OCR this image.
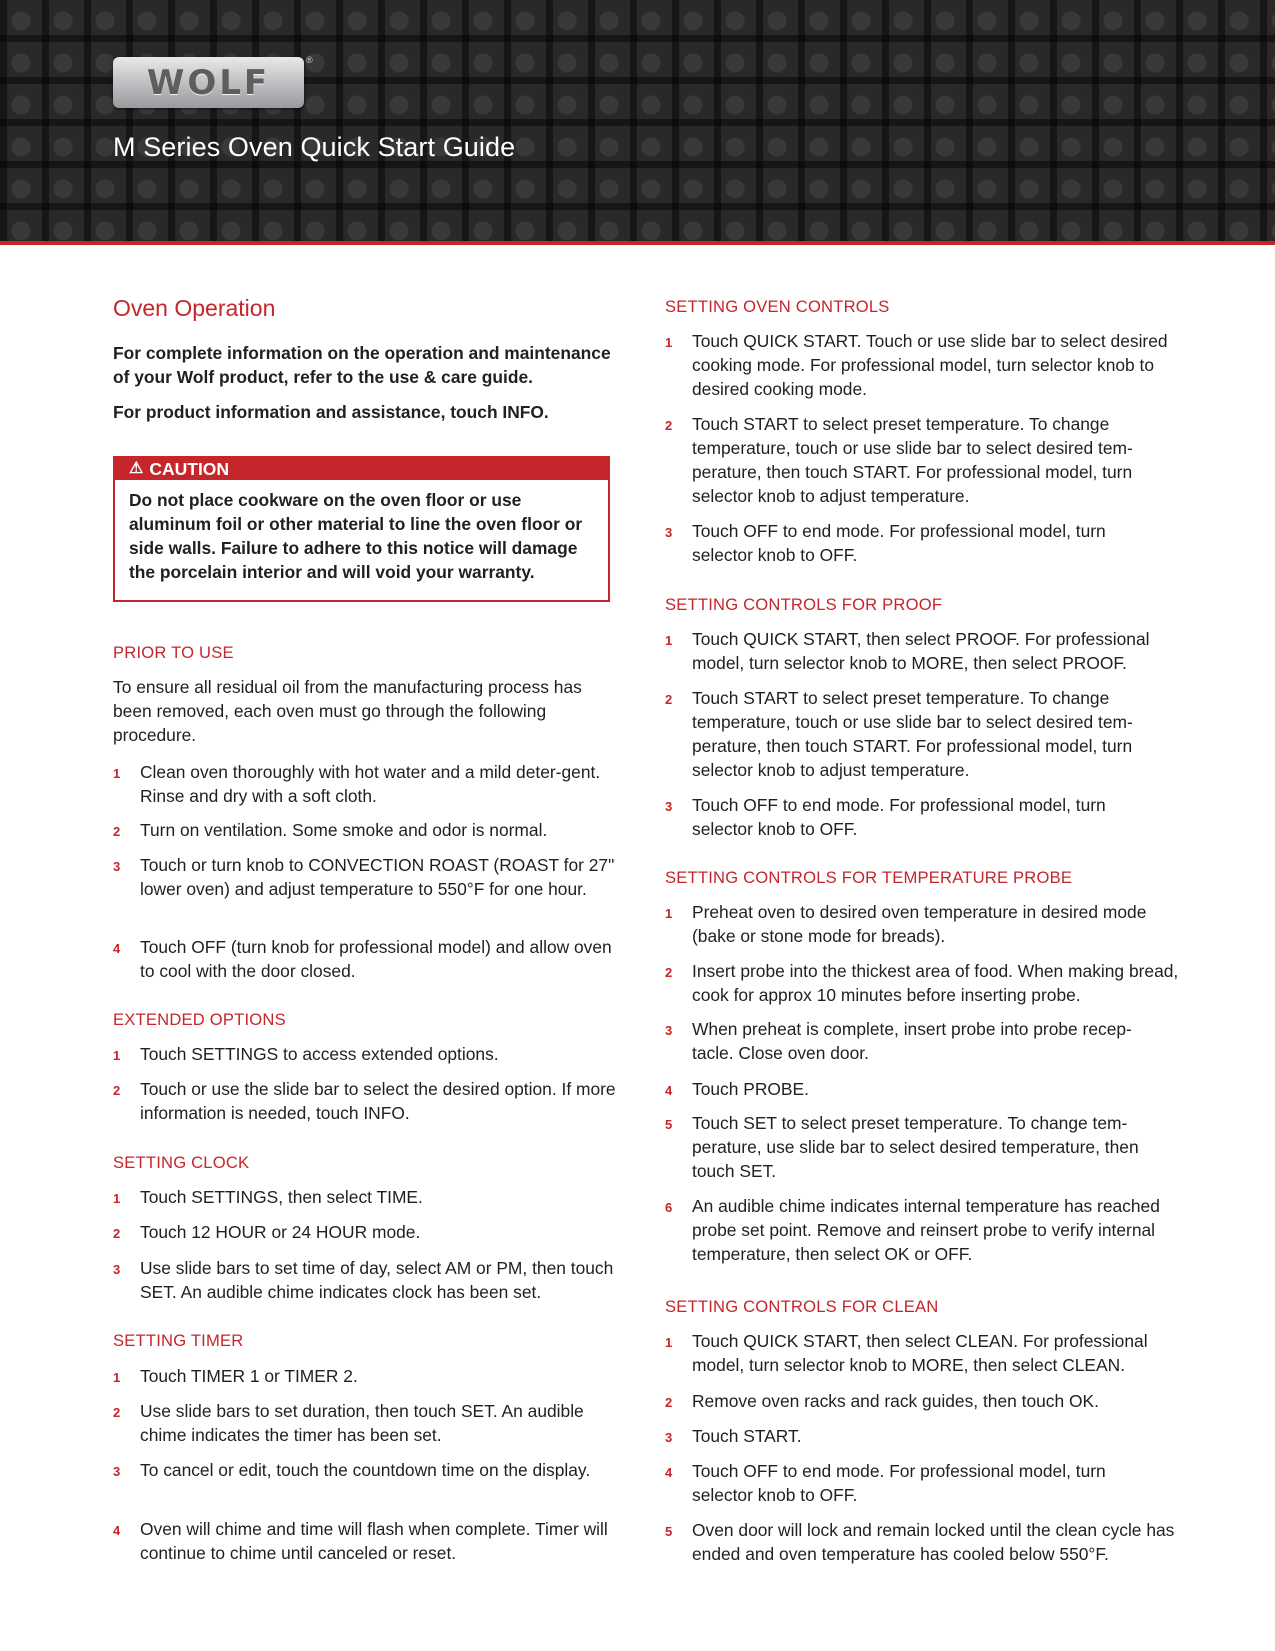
WOLF
®
M Series Oven Quick Start Guide
Oven Operation

For complete information on the operation and maintenance of your Wolf product, refer to the use & care guide.

For product information and assistance, touch INFO.

⚠ CAUTION
Do not place cookware on the oven floor or use aluminum foil or other material to line the oven floor or side walls. Failure to adhere to this notice will damage the porcelain interior and will void your warranty.
PRIOR TO USE

To ensure all residual oil from the manufacturing process has been removed, each oven must go through the following procedure.

1	Clean oven thoroughly with hot water and a mild deter-gent. Rinse and dry with a soft cloth.
2	Turn on ventilation. Some smoke and odor is normal.
3	Touch or turn knob to CONVECTION ROAST (ROAST for 27" lower oven) and adjust temperature to 550°F for one hour.
4	Touch OFF (turn knob for professional model) and allow oven to cool with the door closed.
EXTENDED OPTIONS
1	Touch SETTINGS to access extended options.
2	Touch or use the slide bar to select the desired option. If more information is needed, touch INFO.
SETTING CLOCK
1	Touch SETTINGS, then select TIME.
2	Touch 12 HOUR or 24 HOUR mode.
3	Use slide bars to set time of day, select AM or PM, then touch SET. An audible chime indicates clock has been set.
SETTING TIMER
1	Touch TIMER 1 or TIMER 2.
2	Use slide bars to set duration, then touch SET. An audible chime indicates the timer has been set.
3	To cancel or edit, touch the countdown time on the display.
4	Oven will chime and time will flash when complete. Timer will continue to chime until canceled or reset.
SETTING OVEN CONTROLS
1	Touch QUICK START. Touch or use slide bar to select desired cooking mode. For professional model, turn selector knob to desired cooking mode.
2	Touch START to select preset temperature. To change temperature, touch or use slide bar to select desired tem-perature, then touch START. For professional model, turn selector knob to adjust temperature.
3	Touch OFF to end mode. For professional model, turn selector knob to OFF.
SETTING CONTROLS FOR PROOF
1	Touch QUICK START, then select PROOF. For professional model, turn selector knob to MORE, then select PROOF.
2	Touch START to select preset temperature. To change temperature, touch or use slide bar to select desired tem-perature, then touch START. For professional model, turn selector knob to adjust temperature.
3	Touch OFF to end mode. For professional model, turn selector knob to OFF.
SETTING CONTROLS FOR TEMPERATURE PROBE
1	Preheat oven to desired oven temperature in desired mode (bake or stone mode for breads).
2	Insert probe into the thickest area of food. When making bread, cook for approx 10 minutes before inserting probe.
3	When preheat is complete, insert probe into probe recep-tacle. Close oven door.
4	Touch PROBE.
5	Touch SET to select preset temperature. To change tem-perature, use slide bar to select desired temperature, then touch SET.
6	An audible chime indicates internal temperature has reached probe set point. Remove and reinsert probe to verify internal temperature, then select OK or OFF.
SETTING CONTROLS FOR CLEAN
1	Touch QUICK START, then select CLEAN. For professional model, turn selector knob to MORE, then select CLEAN.
2	Remove oven racks and rack guides, then touch OK.
3	Touch START.
4	Touch OFF to end mode. For professional model, turn selector knob to OFF.
5	Oven door will lock and remain locked until the clean cycle has ended and oven temperature has cooled below 550°F.
